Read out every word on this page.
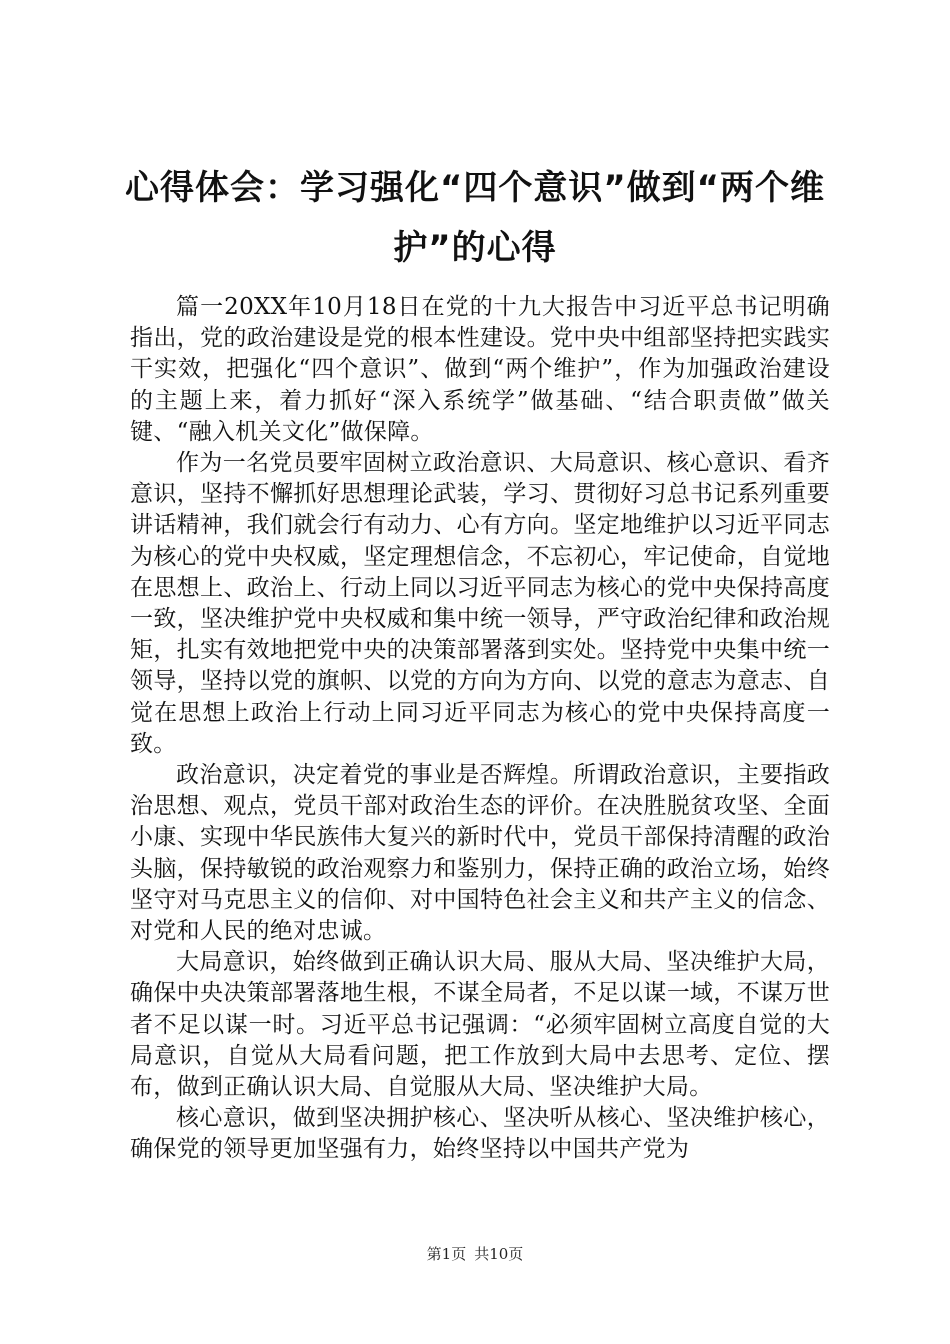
心得体会：学习强化“四个意识”做到“两个维护”的心得

篇一20XX年10月18日在党的十九大报告中习近平总书记明确指出，党的政治建设是党的根本性建设。党中央中组部坚持把实践实干实效，把强化“四个意识”、做到“两个维护”，作为加强政治建设的主题上来，着力抓好“深入系统学”做基础、“结合职责做”做关键、“融入机关文化”做保障。

作为一名党员要牢固树立政治意识、大局意识、核心意识、看齐意识，坚持不懈抓好思想理论武装，学习、贯彻好习总书记系列重要讲话精神，我们就会行有动力、心有方向。坚定地维护以习近平同志为核心的党中央权威，坚定理想信念，不忘初心，牢记使命，自觉地在思想上、政治上、行动上同以习近平同志为核心的党中央保持高度一致，坚决维护党中央权威和集中统一领导，严守政治纪律和政治规矩，扎实有效地把党中央的决策部署落到实处。坚持党中央集中统一领导，坚持以党的旗帜、以党的方向为方向、以党的意志为意志、自觉在思想上政治上行动上同习近平同志为核心的党中央保持高度一致。

政治意识，决定着党的事业是否辉煌。所谓政治意识，主要指政治思想、观点，党员干部对政治生态的评价。在决胜脱贫攻坚、全面小康、实现中华民族伟大复兴的新时代中，党员干部保持清醒的政治头脑，保持敏锐的政治观察力和鉴别力，保持正确的政治立场，始终坚守对马克思主义的信仰、对中国特色社会主义和共产主义的信念、对党和人民的绝对忠诚。

大局意识，始终做到正确认识大局、服从大局、坚决维护大局，确保中央决策部署落地生根，不谋全局者，不足以谋一域，不谋万世者不足以谋一时。习近平总书记强调：“必须牢固树立高度自觉的大局意识，自觉从大局看问题，把工作放到大局中去思考、定位、摆布，做到正确认识大局、自觉服从大局、坚决维护大局。

核心意识，做到坚决拥护核心、坚决听从核心、坚决维护核心，确保党的领导更加坚强有力，始终坚持以中国共产党为

第1页 共10页
